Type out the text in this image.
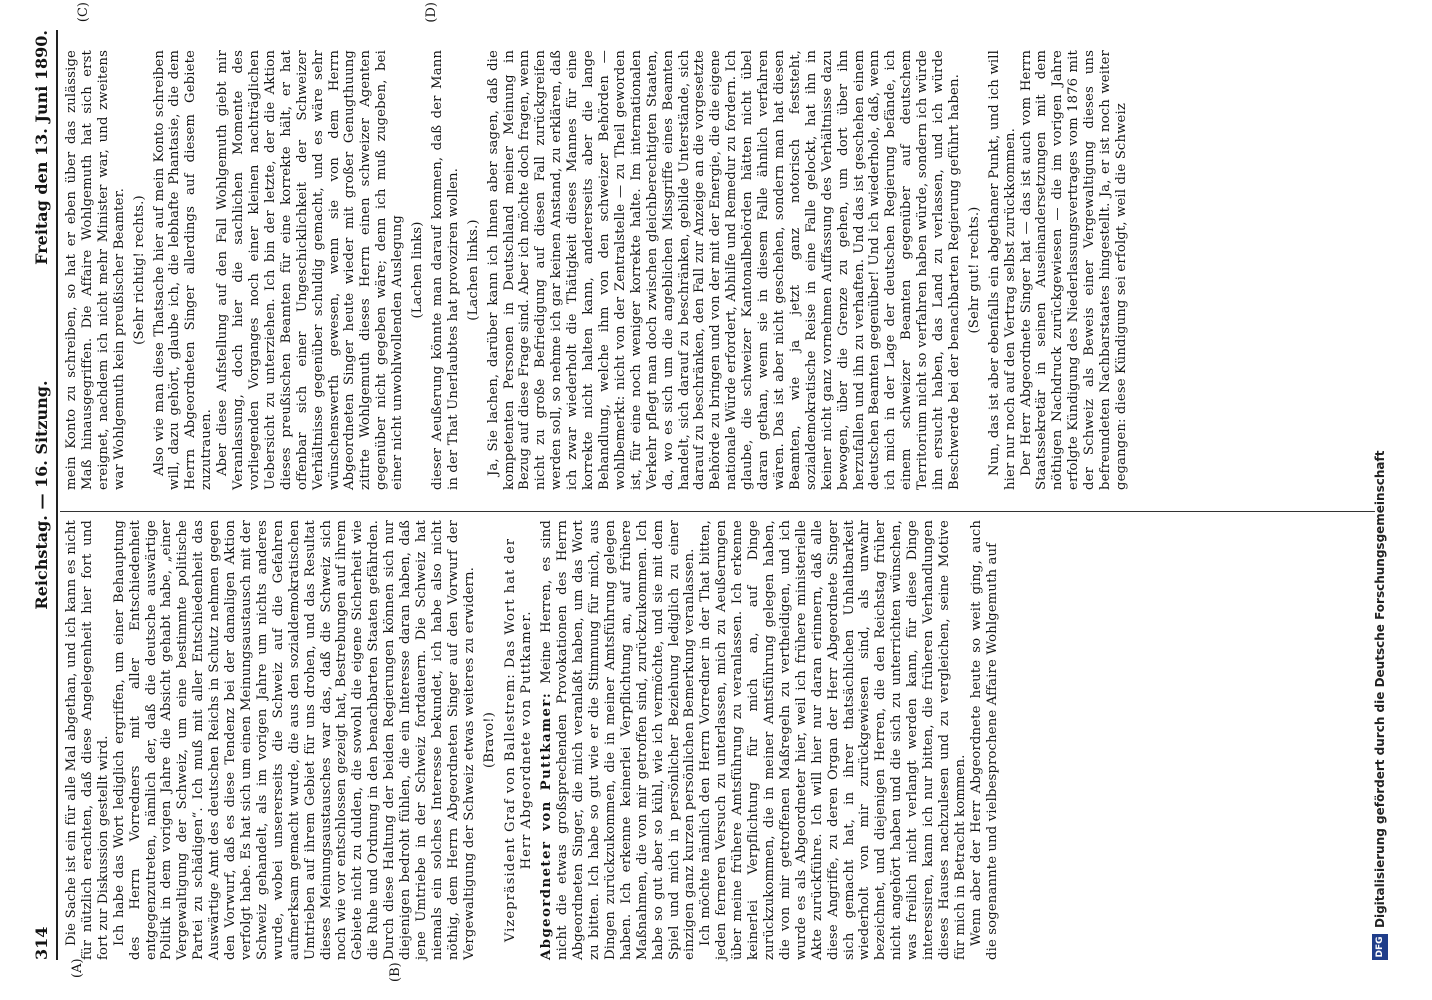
314
Reichstag. — 16. Sitzung.
Freitag den 13. Juni 1890.
(A)	(B)
(C)	(D)

Die Sache ist ein für alle Mal abgethan, und ich kann es nicht für nützlich erachten, daß diese Angelegenheit hier fort und fort zur Diskussion gestellt wird. Ich habe das Wort lediglich ergriffen, um einer Behauptung des Herrn Vorredners mit aller Entschiedenheit entgegenzutreten, nämlich der, daß die deutsche auswärtige Politik in dem vorigen Jahre die Absicht gehabt habe, „einer Vergewaltigung der Schweiz, um eine bestimmte politische Partei zu schädigen“. Ich muß mit aller Entschiedenheit das Auswärtige Amt des deutschen Reichs in Schutz nehmen gegen den Vorwurf, daß es diese Tendenz bei der damaligen Aktion verfolgt habe. Es hat sich um einen Meinungsaustausch mit der Schweiz gehandelt, als im vorigen Jahre um nichts anderes wurde, wobei unsererseits die Schweiz auf die Gefahren aufmerksam gemacht wurde, die aus den sozialdemokratischen Umtrieben auf ihrem Gebiet für uns drohen, und das Resultat dieses Meinungsaustausches war das, daß die Schweiz sich noch wie vor entschlossen gezeigt hat, Bestrebungen auf ihrem Gebiete nicht zu dulden, die sowohl die eigene Sicherheit wie die Ruhe und Ordnung in den benachbarten Staaten gefährden. Durch diese Haltung der beiden Regierungen können sich nur diejenigen bedroht fühlen, die ein Interesse daran haben, daß jene Umtriebe in der Schweiz fortdauern. Die Schweiz hat niemals ein solches Interesse bekundet, ich habe also nicht nöthig, dem Herrn Abgeordneten Singer auf den Vorwurf der Vergewaltigung der Schweiz etwas weiteres zu erwidern. (Bravo!) Vizepräsident Graf von Ballestrem: Das Wort hat der Herr Abgeordnete von Puttkamer. Abgeordneter von Puttkamer: Meine Herren, es sind nicht die etwas großsprechenden Provokationen des Herrn Abgeordneten Singer, die mich veranlaßt haben, um das Wort zu bitten. Ich habe so gut wie er die Stimmung für mich, aus Dingen zurückzukommen, die in meiner Amtsführung gelegen haben. Ich erkenne keinerlei Verpflichtung an, auf frühere Maßnahmen, die von mir getroffen sind, zurückzukommen. Ich habe so gut aber so kühl, wie ich vermöchte, und sie mit dem Spiel und mich in persönlicher Beziehung lediglich zu einer einzigen ganz kurzen persönlichen Bemerkung veranlassen. Ich möchte nämlich den Herrn Vorredner in der That bitten, jeden ferneren Versuch zu unterlassen, mich zu Aeußerungen über meine frühere Amtsführung zu veranlassen. Ich erkenne keinerlei Verpflichtung für mich an, auf Dinge zurückzukommen, die in meiner Amtsführung gelegen haben, die von mir getroffenen Maßregeln zu vertheidigen, und ich wurde es als Abgeordneter hier, weil ich frühere ministerielle Akte zurückführe. Ich will hier nur daran erinnern, daß alle diese Angriffe, zu deren Organ der Herr Abgeordnete Singer sich gemacht hat, in ihrer thatsächlichen Unhaltbarkeit wiederholt von mir zurückgewiesen sind, als unwahr bezeichnet, und diejenigen Herren, die den Reichstag früher nicht angehört haben und die sich zu unterrichten wünschen, was freilich nicht verlangt werden kann, für diese Dinge interessiren, kann ich nur bitten, die früheren Verhandlungen dieses Hauses nachzulesen und zu vergleichen, seine Motive für mich in Betracht kommen. Wenn aber der Herr Abgeordnete heute so weit ging, auch die sogenannte und vielbesprochene Affaire Wohlgemuth auf

mein Konto zu schreiben, so hat er eben über das zulässige Maß hinausgegriffen. Die Affaire Wohlgemuth hat sich erst ereignet, nachdem ich nicht mehr Minister war, und zweitens war Wohlgemuth kein preußischer Beamter. (Sehr richtig! rechts.) Also wie man diese Thatsache hier auf mein Konto schreiben will, dazu gehört, glaube ich, die lebhafte Phantasie, die dem Herrn Abgeordneten Singer allerdings auf diesem Gebiete zuzutrauen. Aber diese Aufstellung auf den Fall Wohlgemuth giebt mir Veranlassung, doch hier die sachlichen Momente des vorliegenden Vorganges noch einer kleinen nachträglichen Uebersicht zu unterziehen. Ich bin der letzte, der die Aktion dieses preußischen Beamten für eine korrekte hält, er hat offenbar sich einer Ungeschicklichkeit der Schweizer Verhältnisse gegenüber schuldig gemacht, und es wäre sehr wünschenswerth gewesen, wenn sie von dem Herrn Abgeordneten Singer heute wieder mit großer Genugthuung zitirte Wohlgemuth dieses Herrn einen schweizer Agenten gegenüber nicht gegeben wäre; denn ich muß zugeben, bei einer nicht unwohlwollenden Auslegung (Lachen links) dieser Aeußerung könnte man darauf kommen, daß der Mann in der That Unerlaubtes hat provoziren wollen. (Lachen links.) Ja, Sie lachen, darüber kann ich Ihnen aber sagen, daß die kompetenten Personen in Deutschland meiner Meinung in Bezug auf diese Frage sind. Aber ich möchte doch fragen, wenn nicht zu große Befriedigung auf diesen Fall zurückgreifen werden soll, so nehme ich gar keinen Anstand, zu erklären, daß ich zwar wiederholt die Thätigkeit dieses Mannes für eine korrekte nicht halten kann, andererseits aber die lange Behandlung, welche ihm von den schweizer Behörden — wohlbemerkt: nicht von der Zentralstelle — zu Theil geworden ist, für eine noch weniger korrekte halte. Im internationalen Verkehr pflegt man doch zwischen gleichberechtigten Staaten, da, wo es sich um die angeblichen Missgriffe eines Beamten handelt, sich darauf zu beschränken, gebilde Unterstände, sich darauf zu beschränken, den Fall zur Anzeige an die vorgesetzte Behörde zu bringen und von der mit der Energie, die die eigene nationale Würde erfordert, Abhilfe und Remedur zu fordern. Ich glaube, die schweizer Kantonalbehörden hätten nicht übel daran gethan, wenn sie in diesem Falle ähnlich verfahren wären. Das ist aber nicht geschehen, sondern man hat diesen Beamten, wie ja jetzt ganz notorisch feststeht, sozialdemokratische Reise in eine Falle gelockt, hat ihn in keiner nicht ganz vornehmen Auffassung des Verhältnisse dazu bewogen, über die Grenze zu gehen, um dort über ihn herzufallen und ihn zu verhaften. Und das ist geschehen einem deutschen Beamten gegenüber! Und ich wiederhole, daß, wenn ich mich in der Lage der deutschen Regierung befände, ich einem schweizer Beamten gegenüber auf deutschem Territorium nicht so verfahren haben würde, sondern ich würde ihn ersucht haben, das Land zu verlassen, und ich würde Beschwerde bei der benachbarten Regierung geführt haben. (Sehr gut! rechts.) Nun, das ist aber ebenfalls ein abgethaner Punkt, und ich will hier nur noch auf den Vertrag selbst zurückkommen. Der Herr Abgeordnete Singer hat — das ist auch vom Herrn Staatssekretär in seinen Auseinandersetzungen mit dem nöthigen Nachdruck zurückgewiesen — die im vorigen Jahre erfolgte Kündigung des Niederlassungsvertrages vom 1876 mit der Schweiz als Beweis einer Vergewaltigung dieses uns befreundeten Nachbarstaates hingestellt. Ja, er ist noch weiter gegangen: diese Kündigung sei erfolgt, weil die Schweiz

DFG
Digitalisierung gefördert durch die Deutsche Forschungsgemeinschaft
